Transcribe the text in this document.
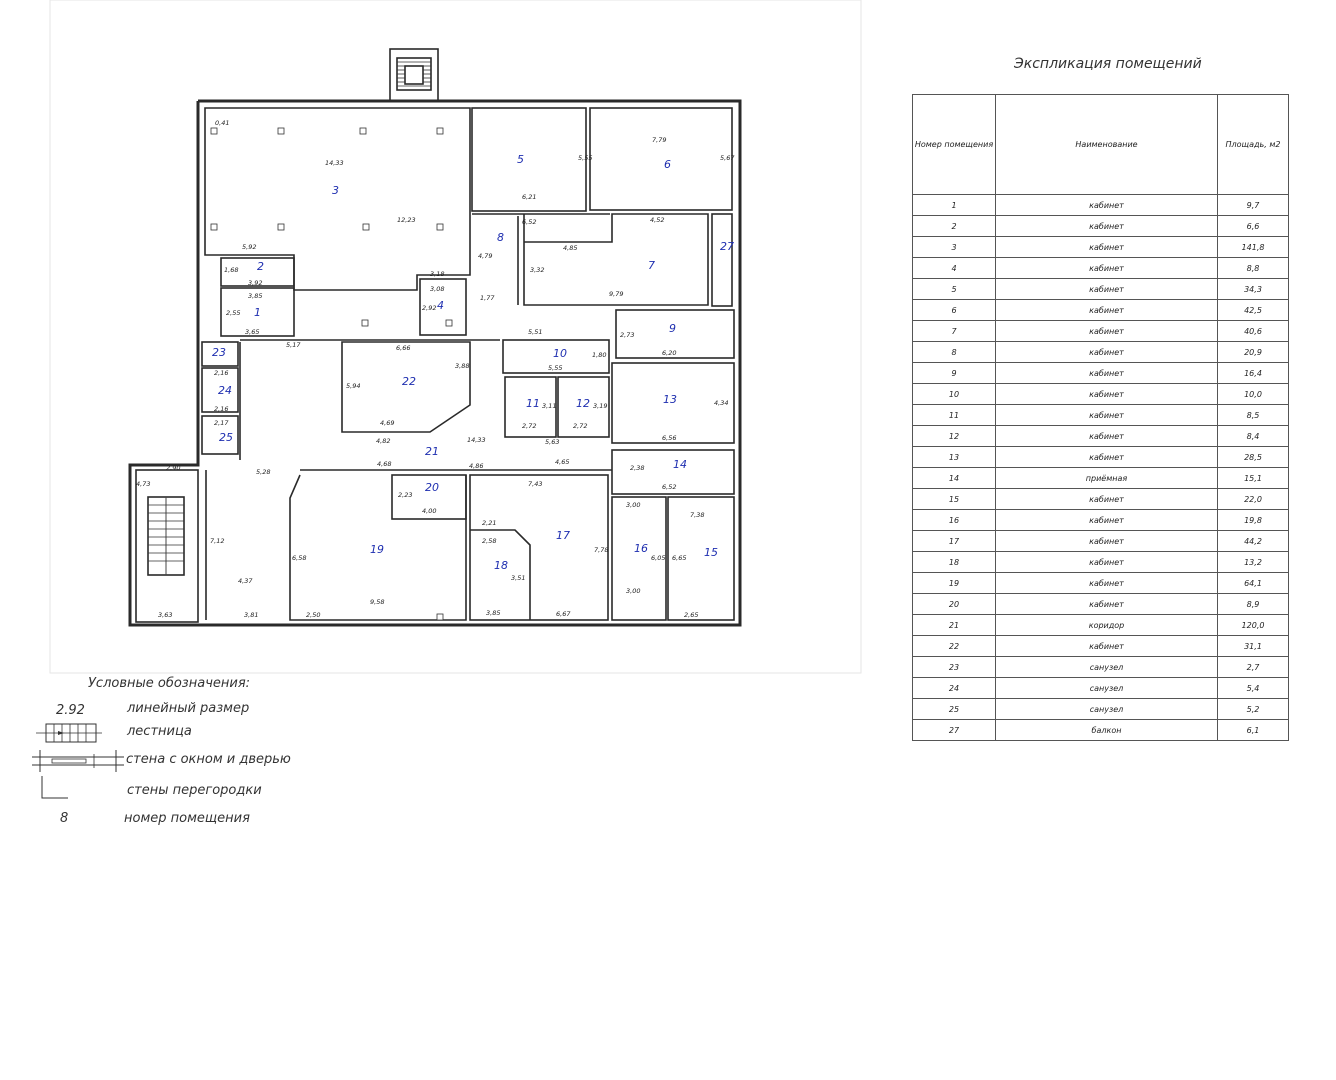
1
2
3
4
5	6
7
8
9
10
11	12	13
14
15
16
17
18
19
20
21
22
23
24
25
27
14,33
5,92
12,23
6,21
5,55
7,79
5,67
4,52
9,79
4,85
3,32
6,52
4,79
1,77
6,20
2,73
5,55
1,80
2,72
3,11
2,72
3,19
6,56
4,34
6,52
2,38
7,38
2,65
6,65
3,00
3,00
6,05
7,43
6,67
7,78
2,21
2,58
3,85
3,51
9,58
2,50
6,58
4,00
2,23
4,68
14,33
4,65
5,28
4,37
7,12
6,66
4,69
4,82
5,94
3,88
3,85
3,65
2,55
3,92
1,68	3,18
3,08
2,92
2,16
2,16
2,17
5,17
5,51
5,63
4,86
2,90
4,73
3,63	3,81
0,41
Условные обозначения:
2.92	линейный размер
лестница
стена с окном и дверью
стены перегородки
8	номер помещения
Экспликация помещений
Номер помещения	Наименование	Площадь, м2
1	кабинет	9,7
2	кабинет	6,6
3	кабинет	141,8
4	кабинет	8,8
5	кабинет	34,3
6	кабинет	42,5
7	кабинет	40,6
8	кабинет	20,9
9	кабинет	16,4
10	кабинет	10,0
11	кабинет	8,5
12	кабинет	8,4
13	кабинет	28,5
14	приёмная	15,1
15	кабинет	22,0
16	кабинет	19,8
17	кабинет	44,2
18	кабинет	13,2
19	кабинет	64,1
20	кабинет	8,9
21	коридор	120,0
22	кабинет	31,1
23	санузел	2,7
24	санузел	5,4
25	санузел	5,2
27	балкон	6,1
